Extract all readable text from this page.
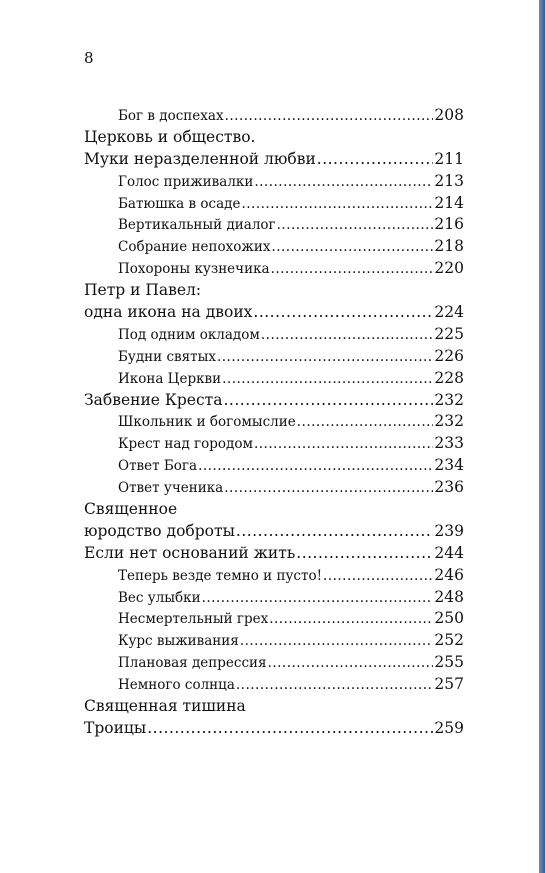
8
Бог в доспехах .....	208
Церковь и общество.
Муки неразделенной любви .....	211
Голос приживалки .....	213
Батюшка в осаде .....	214
Вертикальный диалог .....	216
Собрание непохожих .....	218
Похороны кузнечика .....	220
Петр и Павел:
одна икона на двоих .....	224
Под одним окладом .....	225
Будни святых .....	226
Икона Церкви .....	228
Забвение Креста .....	232
Школьник и богомыслие .....	232
Крест над городом .....	233
Ответ Бога .....	234
Ответ ученика .....	236
Священное
юродство доброты .....	239
Если нет оснований жить .....	244
Теперь везде темно и пусто! .....	246
Вес улыбки .....	248
Несмертельный грех .....	250
Курс выживания .....	252
Плановая депрессия .....	255
Немного солнца .....	257
Священная тишина
Троицы .....	259
